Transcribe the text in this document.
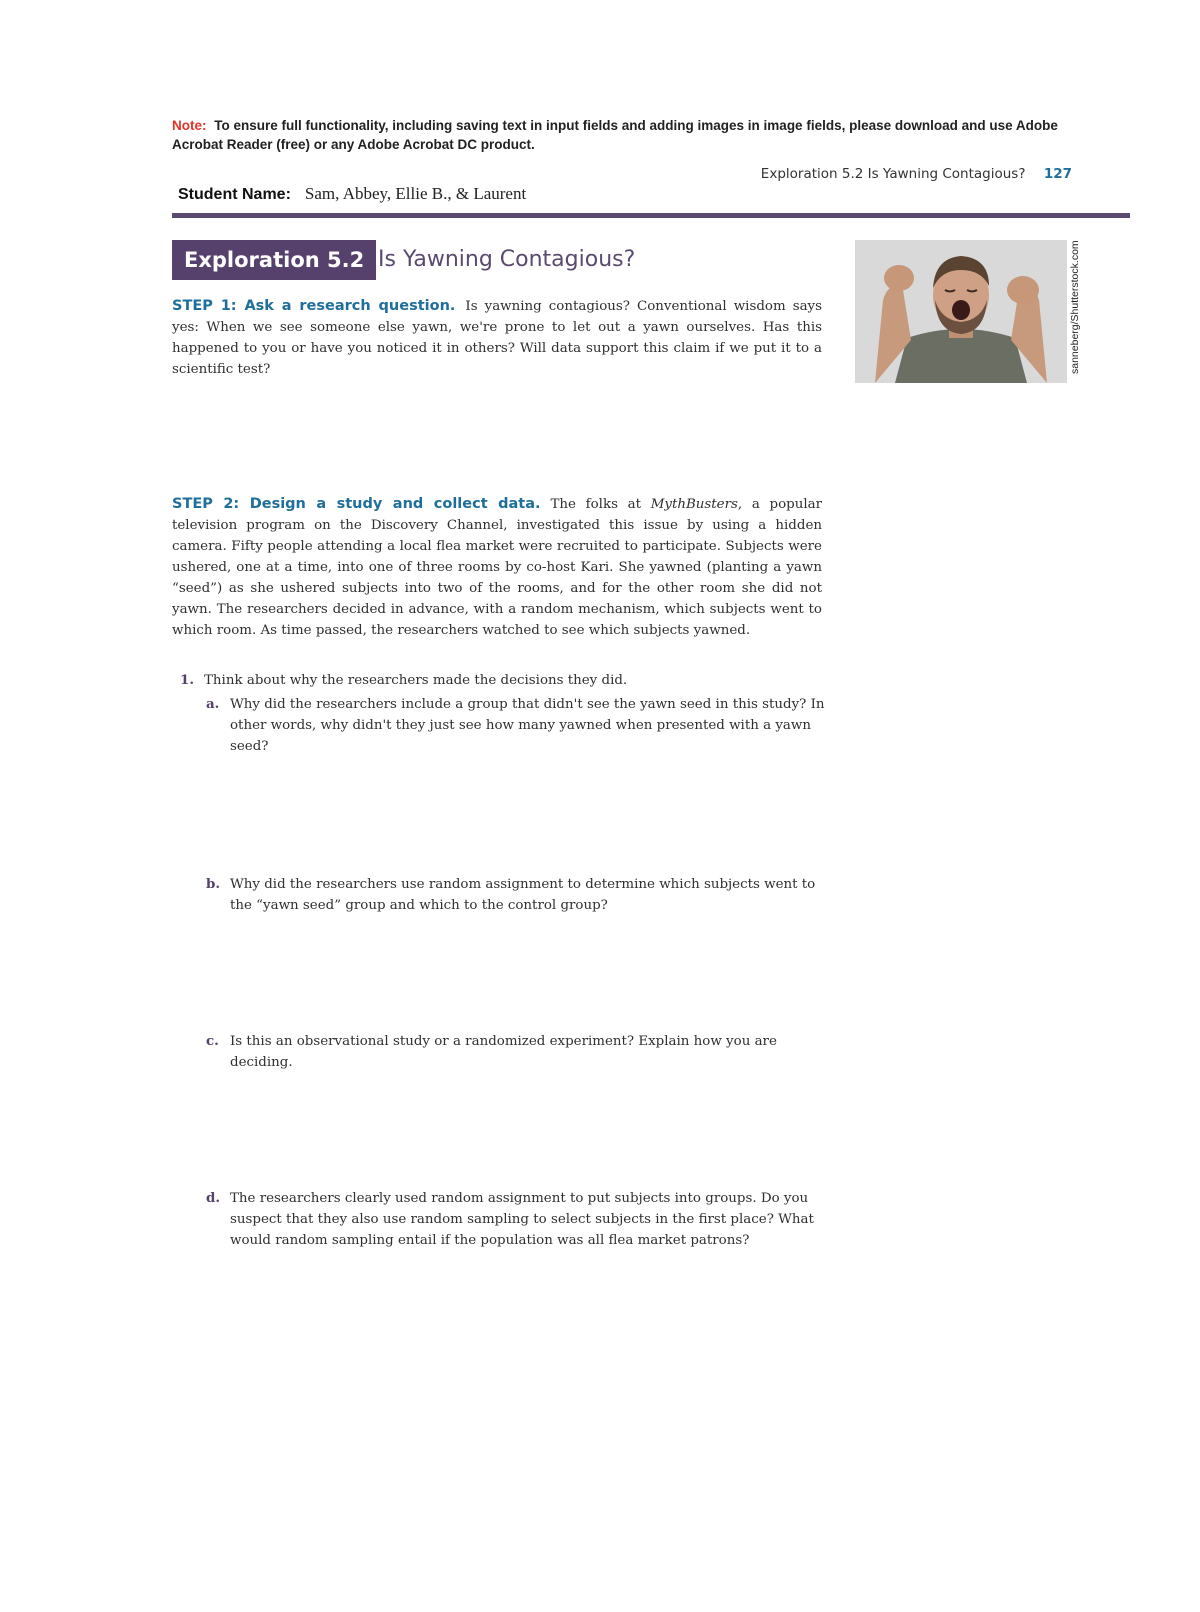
Note: To ensure full functionality, including saving text in input fields and adding images in image fields, please download and use Adobe Acrobat Reader (free) or any Adobe Acrobat DC product.
Exploration 5.2 Is Yawning Contagious? 127
Student Name: Sam, Abbey, Ellie B., & Laurent
Exploration 5.2 Is Yawning Contagious?	sanneberg/Shutterstock.com
STEP 1: Ask a research question. Is yawning contagious? Conventional wisdom says yes: When we see someone else yawn, we're prone to let out a yawn ourselves. Has this happened to you or have you noticed it in others? Will data support this claim if we put it to a scientific test?
STEP 2: Design a study and collect data. The folks at MythBusters, a popular television program on the Discovery Channel, investigated this issue by using a hidden camera. Fifty people attending a local flea market were recruited to participate. Subjects were ushered, one at a time, into one of three rooms by co-host Kari. She yawned (planting a yawn “seed”) as she ushered subjects into two of the rooms, and for the other room she did not yawn. The researchers decided in advance, with a random mechanism, which subjects went to which room. As time passed, the researchers watched to see which subjects yawned.
1. Think about why the researchers made the decisions they did.
a. Why did the researchers include a group that didn't see the yawn seed in this study? In other words, why didn't they just see how many yawned when presented with a yawn seed?
b. Why did the researchers use random assignment to determine which subjects went to the “yawn seed” group and which to the control group?
c. Is this an observational study or a randomized experiment? Explain how you are deciding.
d. The researchers clearly used random assignment to put subjects into groups. Do you suspect that they also use random sampling to select subjects in the first place? What would random sampling entail if the population was all flea market patrons?
